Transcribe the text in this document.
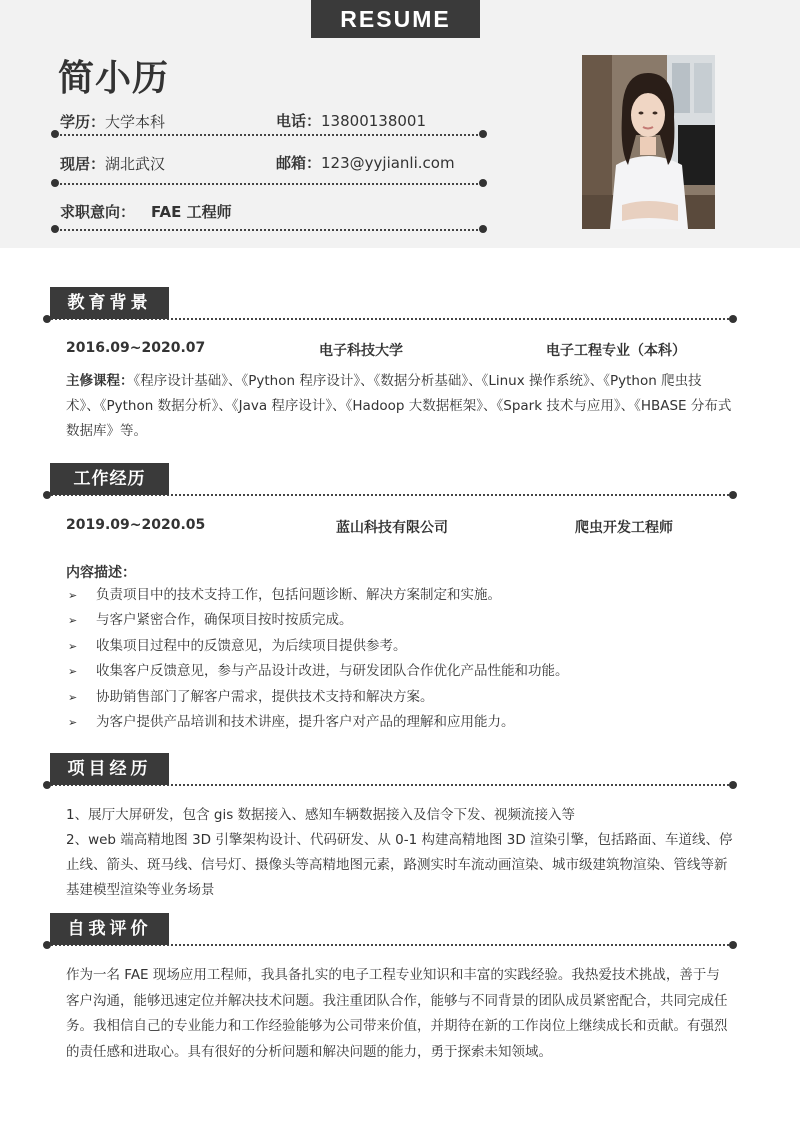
RESUME
简小历
学历：大学本科	电话：13800138001
现居：湖北武汉	邮箱：123@yyjianli.com
求职意向： FAE 工程师
教育背景
2016.09~2020.07	电子科技大学	电子工程专业（本科）
主修课程：《程序设计基础》、《Python 程序设计》、《数据分析基础》、《Linux 操作系统》、《Python 爬虫技术》、《Python 数据分析》、《Java 程序设计》、《Hadoop 大数据框架》、《Spark 技术与应用》、《HBASE 分布式数据库》等。
工作经历
2019.09~2020.05	蓝山科技有限公司	爬虫开发工程师
内容描述：
➢ 负责项目中的技术支持工作，包括问题诊断、解决方案制定和实施。
➢ 与客户紧密合作，确保项目按时按质完成。
➢ 收集项目过程中的反馈意见，为后续项目提供参考。
➢ 收集客户反馈意见，参与产品设计改进，与研发团队合作优化产品性能和功能。
➢ 协助销售部门了解客户需求，提供技术支持和解决方案。
➢ 为客户提供产品培训和技术讲座，提升客户对产品的理解和应用能力。
项目经历
1、展厅大屏研发，包含 gis 数据接入、感知车辆数据接入及信令下发、视频流接入等
2、web 端高精地图 3D 引擎架构设计、代码研发、从 0-1 构建高精地图 3D 渲染引擎，包括路面、车道线、停止线、箭头、斑马线、信号灯、摄像头等高精地图元素，路测实时车流动画渲染、城市级建筑物渲染、管线等新基建模型渲染等业务场景
自我评价
作为一名 FAE 现场应用工程师，我具备扎实的电子工程专业知识和丰富的实践经验。我热爱技术挑战，善于与客户沟通，能够迅速定位并解决技术问题。我注重团队合作，能够与不同背景的团队成员紧密配合，共同完成任务。我相信自己的专业能力和工作经验能够为公司带来价值，并期待在新的工作岗位上继续成长和贡献。有强烈的责任感和进取心。具有很好的分析问题和解决问题的能力，勇于探索未知领域。
